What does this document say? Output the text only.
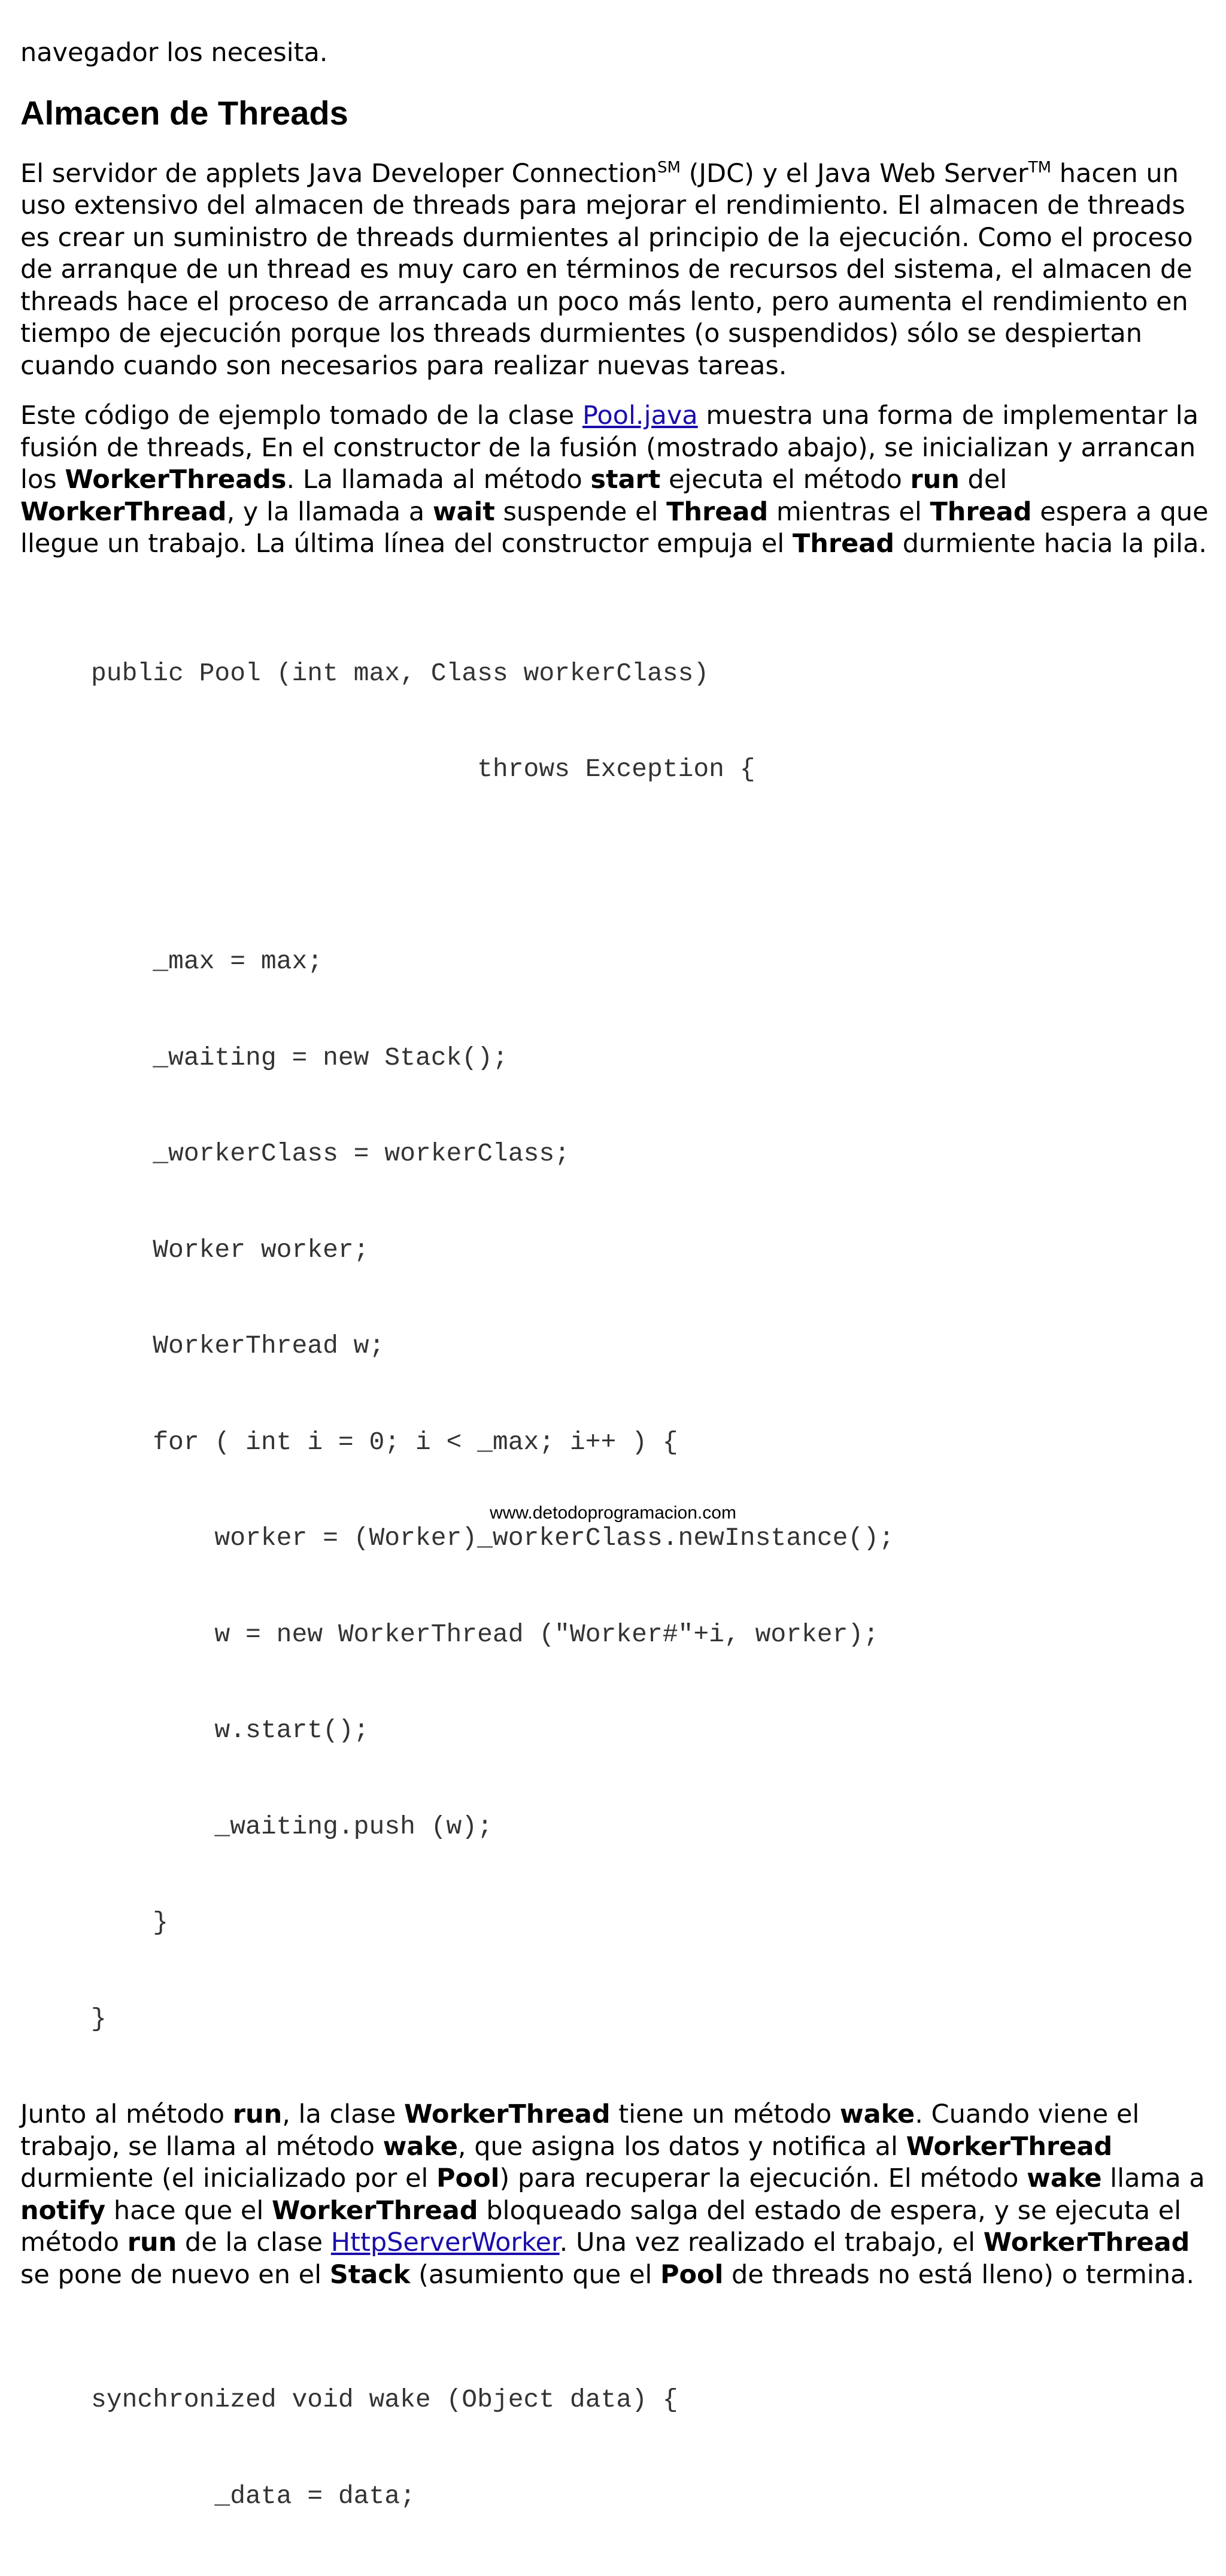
navegador los necesita.

Almacen de Threads

El servidor de applets Java Developer Connection℠ (JDC) y el Java Web Server™ hacen un uso extensivo del almacen de threads para mejorar el rendimiento. El almacen de threads es crear un suministro de threads durmientes al principio de la ejecución. Como el proceso de arranque de un thread es muy caro en términos de recursos del sistema, el almacen de threads hace el proceso de arrancada un poco más lento, pero aumenta el rendimiento en tiempo de ejecución porque los threads durmientes (o suspendidos) sólo se despiertan cuando cuando son necesarios para realizar nuevas tareas.

Este código de ejemplo tomado de la clase Pool.java muestra una forma de implementar la fusión de threads, En el constructor de la fusión (mostrado abajo), se inicializan y arrancan los WorkerThreads. La llamada al método start ejecuta el método run del WorkerThread, y la llamada a wait suspende el Thread mientras el Thread espera a que llegue un trabajo. La última línea del constructor empuja el Thread durmiente hacia la pila.

public Pool (int max, Class workerClass)

throws Exception {

_max = max;

_waiting = new Stack();

_workerClass = workerClass;

Worker worker;

WorkerThread w;

for ( int i = 0; i < _max; i++ ) {

worker = (Worker)_workerClass.newInstance();

w = new WorkerThread ("Worker#"+i, worker);

w.start();

_waiting.push (w);

}

}

Junto al método run, la clase WorkerThread tiene un método wake. Cuando viene el trabajo, se llama al método wake, que asigna los datos y notifica al WorkerThread durmiente (el inicializado por el Pool) para recuperar la ejecución. El método wake llama a notify hace que el WorkerThread bloqueado salga del estado de espera, y se ejecuta el método run de la clase HttpServerWorker. Una vez realizado el trabajo, el WorkerThread se pone de nuevo en el Stack (asumiento que el Pool de threads no está lleno) o termina.

synchronized void wake (Object data) {

_data = data;

www.detodoprogramacion.com
